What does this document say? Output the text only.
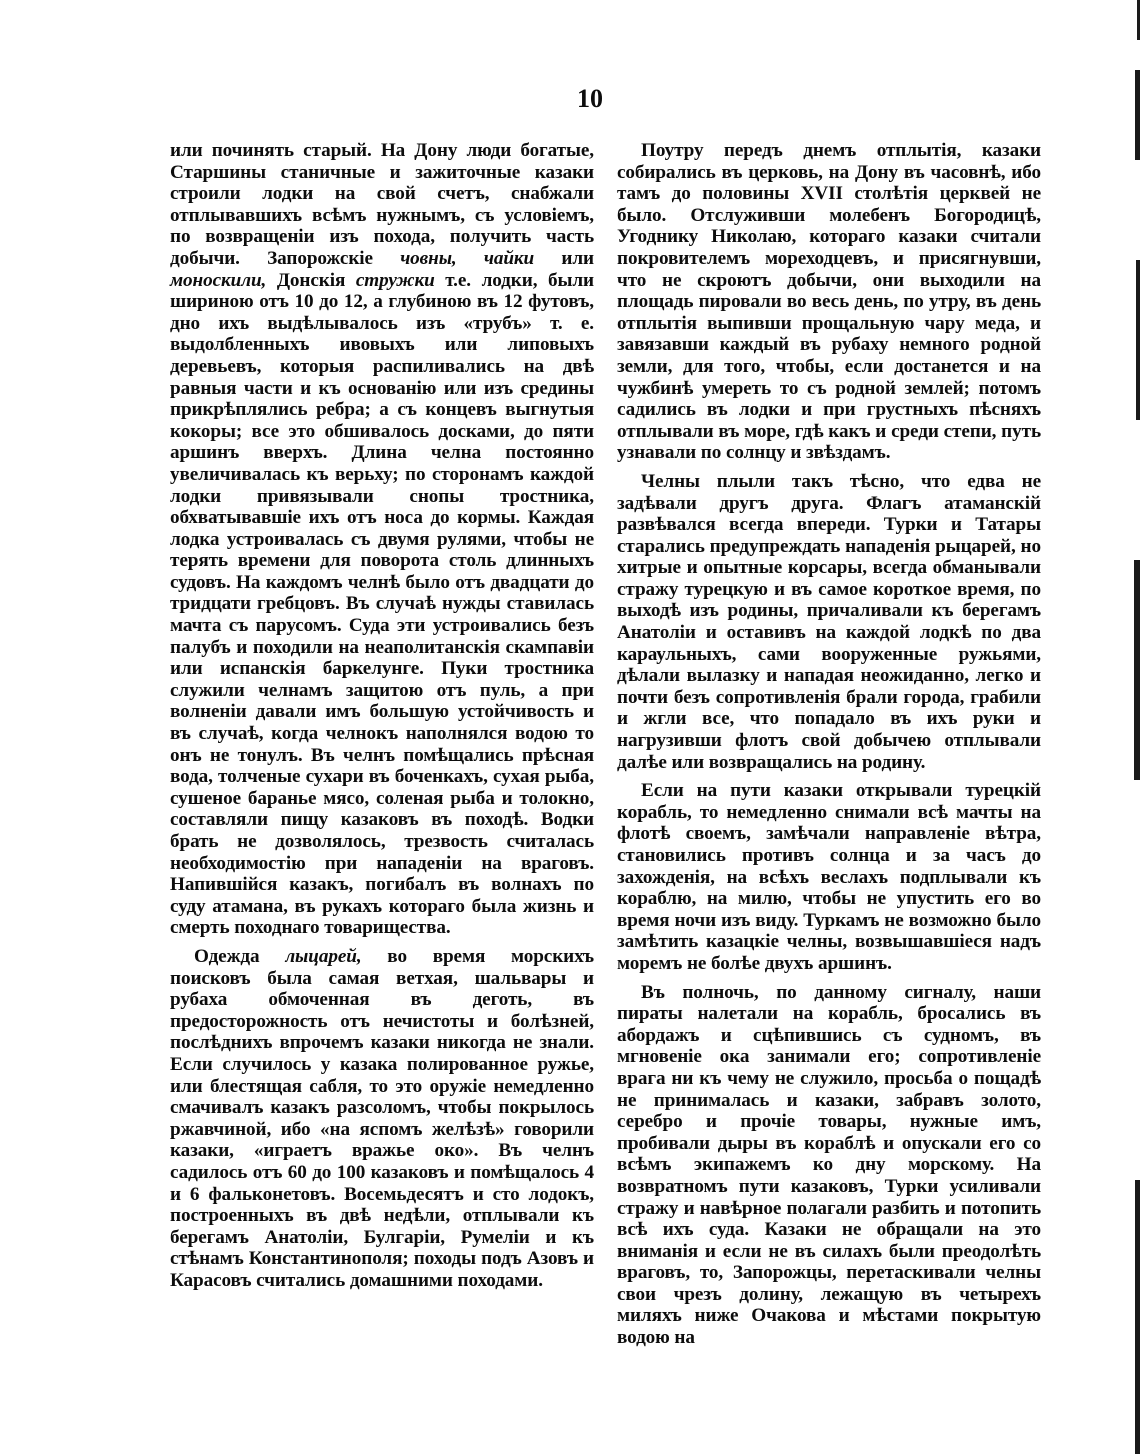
10

или починять старый. На Дону люди богатые, Старшины станичные и зажиточные казаки строили лодки на свой счетъ, снабжали отплывавшихъ всѣмъ нужнымъ, съ условіемъ, по возвращеніи изъ похода, получить часть добычи. Запорожскіе човны, чайки или моноскили, Донскія стружки т.е. лодки, были шириною отъ 10 до 12, а глубиною въ 12 футовъ, дно ихъ выдѣлывалось изъ «трубъ» т. е. выдолбленныхъ ивовыхъ или липовыхъ деревьевъ, которыя распиливались на двѣ равныя части и къ основанію или изъ средины прикрѣплялись ребра; а съ концевъ выгнутыя кокоры; все это обшивалось досками, до пяти аршинъ вверхъ. Длина челна постоянно увеличивалась къ верьху; по сторонамъ каждой лодки привязывали снопы тростника, обхватывавшіе ихъ отъ носа до кормы. Каждая лодка устроивалась съ двумя рулями, чтобы не терять времени для поворота столь длинныхъ судовъ. На каждомъ челнѣ было отъ двадцати до тридцати гребцовъ. Въ случаѣ нужды ставилась мачта съ парусомъ. Суда эти устроивались безъ палубъ и походили на неаполитанскія скампавіи или испанскія баркелунге. Пуки тростника служили челнамъ защитою отъ пуль, а при волненіи давали имъ большую устойчивость и въ случаѣ, когда челнокъ наполнялся водою то онъ не тонулъ. Въ челнъ помѣщались прѣсная вода, толченые сухари въ боченкахъ, сухая рыба, сушеное баранье мясо, соленая рыба и толокно, составляли пищу казаковъ въ походѣ. Водки брать не дозволялось, трезвость считалась необходимостію при нападеніи на враговъ. Напившійся казакъ, погибалъ въ волнахъ по суду атамана, въ рукахъ котораго была жизнь и смерть походнаго товарищества.

Одежда лыцарей, во время морскихъ поисковъ была самая ветхая, шальвары и рубаха обмоченная въ деготь, въ предосторожность отъ нечистоты и болѣзней, послѣднихъ впрочемъ казаки никогда не знали. Если случилось у казака полированное ружье, или блестящая сабля, то это оружіе немедленно смачивалъ казакъ разсоломъ, чтобы покрылось ржавчиной, ибо «на яспомъ желѣзѣ» говорили казаки, «играетъ вражье око». Въ челнъ садилось отъ 60 до 100 казаковъ и помѣщалось 4 и 6 фальконетовъ. Восемьдесятъ и сто лодокъ, построенныхъ въ двѣ недѣли, отплывали къ берегамъ Анатоліи, Булгаріи, Румеліи и къ стѣнамъ Константинополя; походы подъ Азовъ и Карасовъ считались домашними походами.

Поутру передъ днемъ отплытія, казаки собирались въ церковь, на Дону въ часовнѣ, ибо тамъ до половины XVII столѣтія церквей не было. Отслуживши молебенъ Богородицѣ, Угоднику Николаю, котораго казаки считали покровителемъ мореходцевъ, и присягнувши, что не скроютъ добычи, они выходили на площадь пировали во весь день, по утру, въ день отплытія выпивши прощальную чару меда, и завязавши каждый въ рубаху немного родной земли, для того, чтобы, если достанется и на чужбинѣ умереть то съ родной землей; потомъ садились въ лодки и при грустныхъ пѣсняхъ отплывали въ море, гдѣ какъ и среди степи, путь узнавали по солнцу и звѣздамъ.

Челны плыли такъ тѣсно, что едва не задѣвали другъ друга. Флагъ атаманскій развѣвался всегда впереди. Турки и Татары старались предупреждать нападенія рыцарей, но хитрые и опытные корсары, всегда обманывали стражу турецкую и въ самое короткое время, по выходѣ изъ родины, причаливали къ берегамъ Анатоліи и оставивъ на каждой лодкѣ по два караульныхъ, сами вооруженные ружьями, дѣлали вылазку и нападая неожиданно, легко и почти безъ сопротивленія брали города, грабили и жгли все, что попадало въ ихъ руки и нагрузивши флотъ свой добычею отплывали далѣе или возвращались на родину.

Если на пути казаки открывали турецкій корабль, то немедленно снимали всѣ мачты на флотѣ своемъ, замѣчали направленіе вѣтра, становились противъ солнца и за часъ до захожденія, на всѣхъ веслахъ подплывали къ кораблю, на милю, чтобы не упустить его во время ночи изъ виду. Туркамъ не возможно было замѣтить казацкіе челны, возвышавшіеся надъ моремъ не болѣе двухъ аршинъ.

Въ полночь, по данному сигналу, наши пираты налетали на корабль, бросались въ абордажъ и сцѣпившись съ судномъ, въ мгновеніе ока занимали его; сопротивленіе врага ни къ чему не служило, просьба о пощадѣ не принималась и казаки, забравъ золото, серебро и прочіе товары, нужные имъ, пробивали дыры въ кораблѣ и опускали его со всѣмъ экипажемъ ко дну морскому. На возвратномъ пути казаковъ, Турки усиливали стражу и навѣрное полагали разбить и потопить всѣ ихъ суда. Казаки не обращали на это вниманія и если не въ силахъ были преодолѣть враговъ, то, Запорожцы, перетаскивали челны свои чрезъ долину, лежащую въ четырехъ миляхъ ниже Очакова и мѣстами покрытую водою на
